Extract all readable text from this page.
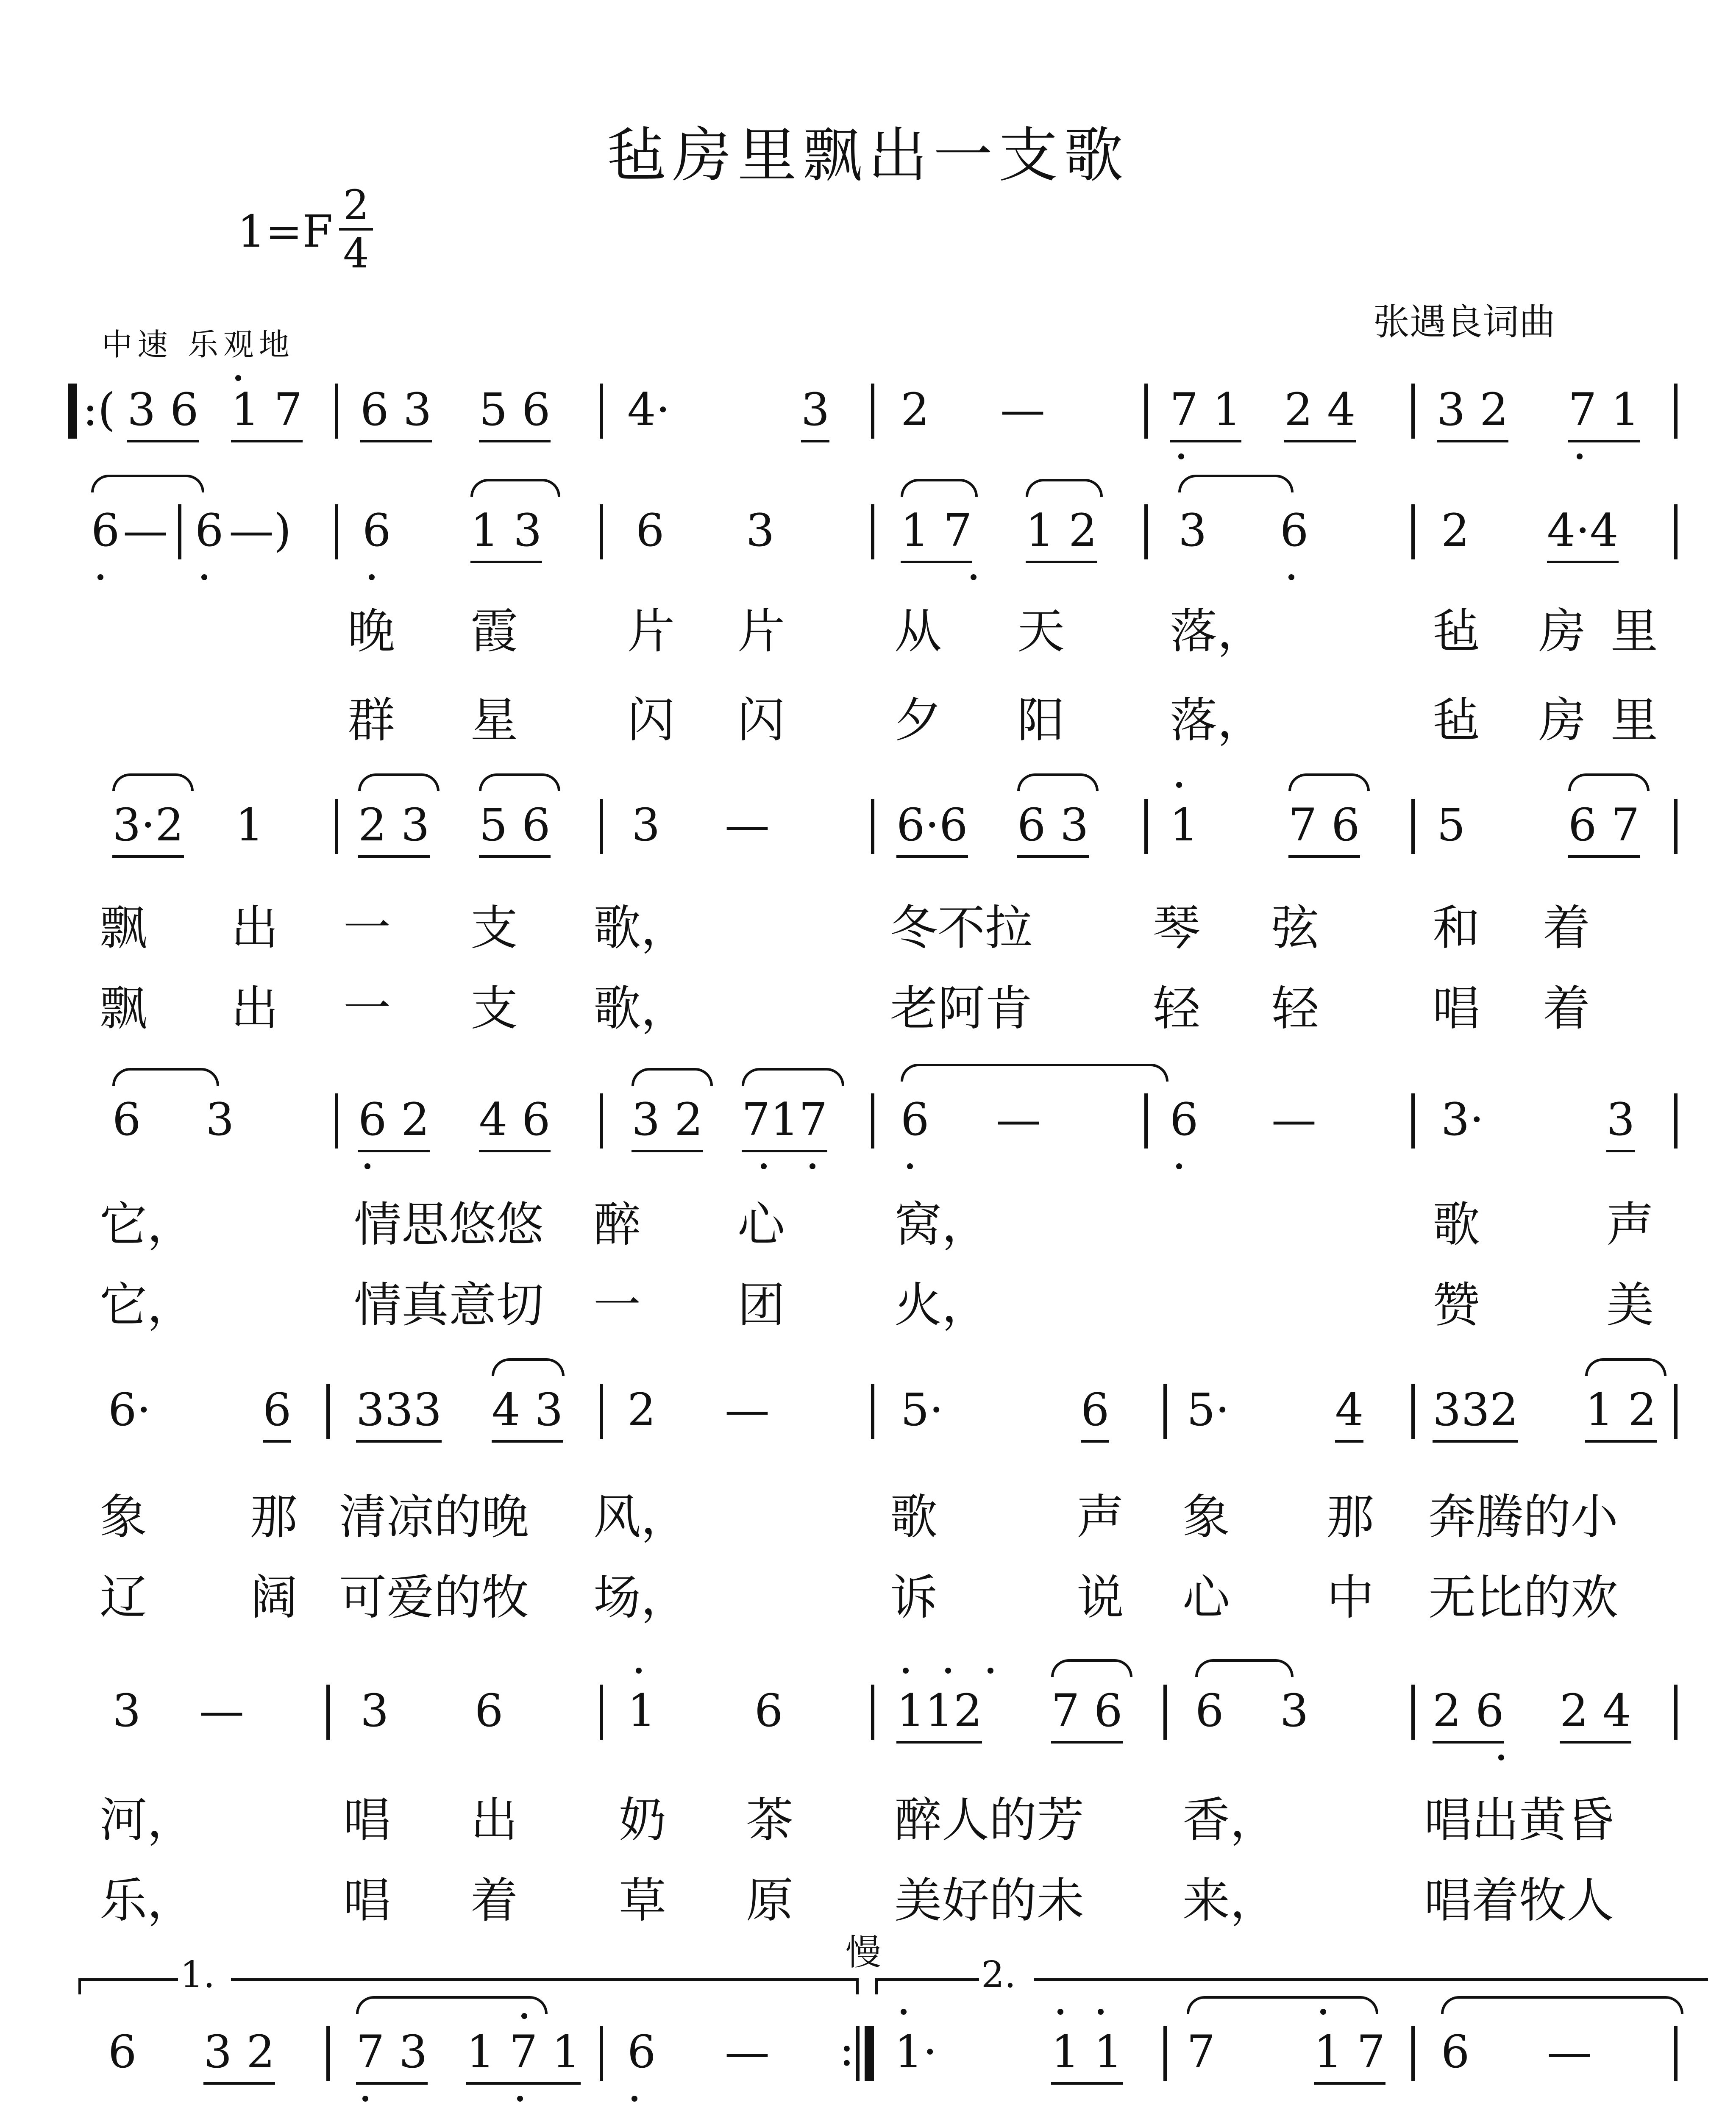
毡房里飘出一支歌
1=F
2
4
张遇良词曲
中速 乐观地
:( 3 6 1 7 6 3 5 6 4·	3 2 —	7 1 2 4 3 2 7 1
6 — 6 —) 6 1 3 6 3	1 7 1 2 3 6	2 4·4
晚 霞 片 片 从 天 落，	毡 房 里
群 星 闪 闪 夕 阳 落，	毡 房 里
3·2 1 2 3 5 6 3 —	6·6 6 3 1 7 6 5 6 7
飘 出 一 支 歌，	冬不拉	琴 弦 和 着
飘 出 一 支 歌，	老阿肯	轻 轻 唱 着
6 3	6 2 4 6 3 2 717 6 —	6 —	3·	3
它，	情思悠悠 醉 心 窝，	歌	声
它，	情真意切 一 团 火，	赞	美
6· 6 333 4 3 2 —	5·	6 5· 4 332 1 2
象 那 清凉的晚 风，	歌	声 象 那 奔腾的小
辽 阔 可爱的牧 场，	诉	说 心 中 无比的欢
3 —	3 6	1 6	112 7 6 6 3	2 6 2 4
河，	唱 出 奶 茶 醉人的芳 香，	唱出黄昏
乐，	唱 着 草 原 美好的未 来，	唱着牧人
慢
1.	2.
6 3 2 7 3 1 7 1 6 — : 1·	1 1 7 1 7 6 —
